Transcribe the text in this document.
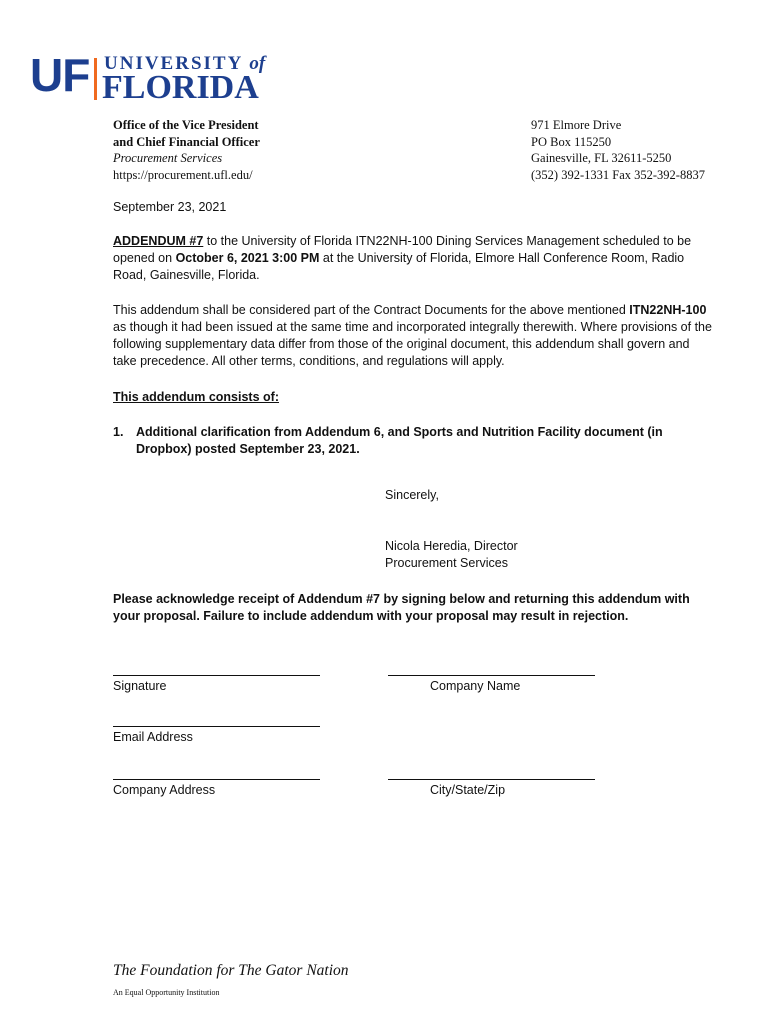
UF UNIVERSITY of
FLORIDA
Office of the Vice President
and Chief Financial Officer
Procurement Services
https://procurement.ufl.edu/
971 Elmore Drive
PO Box 115250
Gainesville, FL 32611-5250
(352) 392-1331 Fax 352-392-8837
September 23, 2021
ADDENDUM #7 to the University of Florida ITN22NH-100 Dining Services Management scheduled to be opened on October 6, 2021 3:00 PM at the University of Florida, Elmore Hall Conference Room, Radio Road, Gainesville, Florida.
This addendum shall be considered part of the Contract Documents for the above mentioned ITN22NH-100 as though it had been issued at the same time and incorporated integrally therewith. Where provisions of the following supplementary data differ from those of the original document, this addendum shall govern and take precedence. All other terms, conditions, and regulations will apply.
This addendum consists of:
1. Additional clarification from Addendum 6, and Sports and Nutrition Facility document (in Dropbox) posted September 23, 2021.
Sincerely,
Nicola Heredia, Director
Procurement Services
Please acknowledge receipt of Addendum #7 by signing below and returning this addendum with your proposal. Failure to include addendum with your proposal may result in rejection.
Signature	Company Name
Email Address
Company Address	City/State/Zip
The Foundation for The Gator Nation
An Equal Opportunity Institution
